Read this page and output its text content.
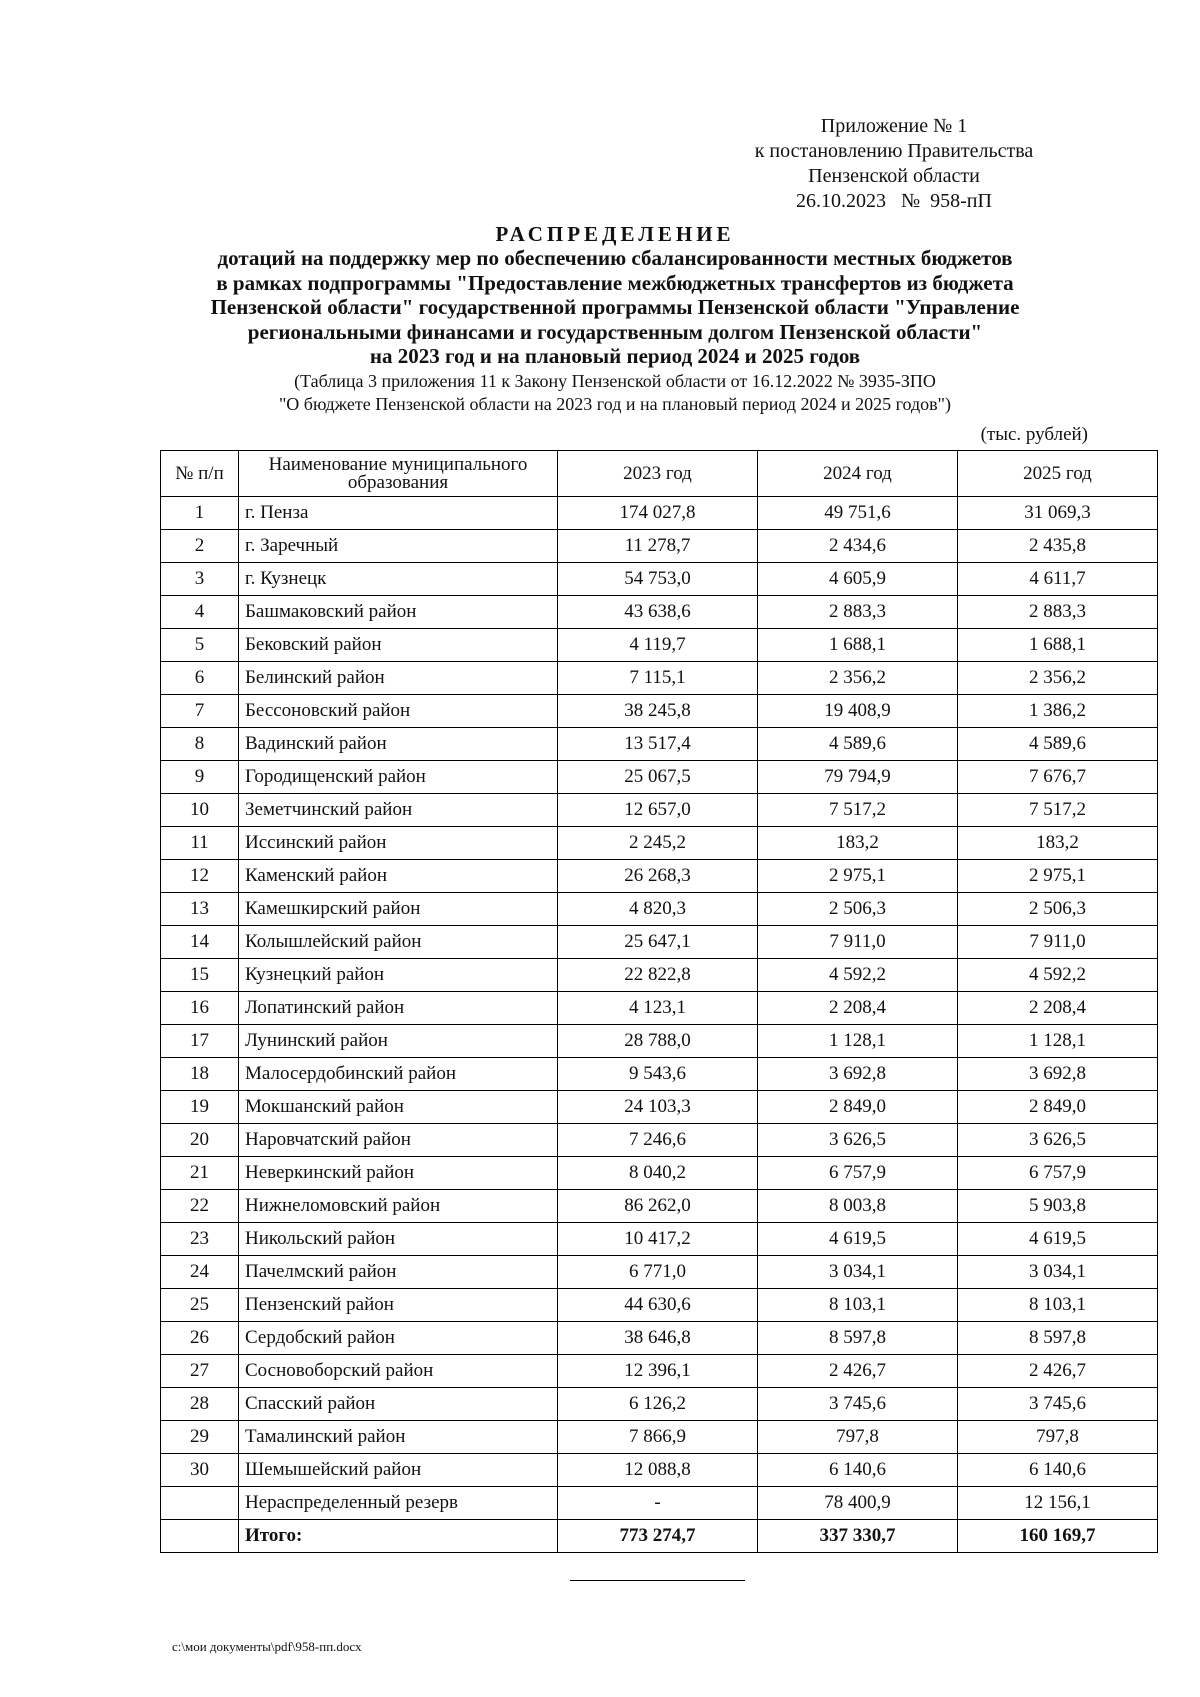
Приложение № 1
к постановлению Правительства
Пензенской области
26.10.2023   №  958-пП
РАСПРЕДЕЛЕНИЕ
дотаций на поддержку мер по обеспечению сбалансированности местных бюджетов
в рамках подпрограммы "Предоставление межбюджетных трансфертов из бюджета
Пензенской области" государственной программы Пензенской области "Управление
региональными финансами и государственным долгом Пензенской области"
на 2023 год и на плановый период 2024 и 2025 годов
(Таблица 3 приложения 11 к Закону Пензенской области от 16.12.2022 № 3935-ЗПО
"О бюджете Пензенской области на 2023 год и на плановый период 2024 и 2025 годов")
(тыс. рублей)
№ п/п	Наименование муниципального образования	2023 год	2024 год	2025 год
1	г. Пенза	174 027,8	49 751,6	31 069,3
2	г. Заречный	11 278,7	2 434,6	2 435,8
3	г. Кузнецк	54 753,0	4 605,9	4 611,7
4	Башмаковский район	43 638,6	2 883,3	2 883,3
5	Бековский район	4 119,7	1 688,1	1 688,1
6	Белинский район	7 115,1	2 356,2	2 356,2
7	Бессоновский район	38 245,8	19 408,9	1 386,2
8	Вадинский район	13 517,4	4 589,6	4 589,6
9	Городищенский район	25 067,5	79 794,9	7 676,7
10	Земетчинский район	12 657,0	7 517,2	7 517,2
11	Иссинский район	2 245,2	183,2	183,2
12	Каменский район	26 268,3	2 975,1	2 975,1
13	Камешкирский район	4 820,3	2 506,3	2 506,3
14	Колышлейский район	25 647,1	7 911,0	7 911,0
15	Кузнецкий район	22 822,8	4 592,2	4 592,2
16	Лопатинский район	4 123,1	2 208,4	2 208,4
17	Лунинский район	28 788,0	1 128,1	1 128,1
18	Малосердобинский район	9 543,6	3 692,8	3 692,8
19	Мокшанский район	24 103,3	2 849,0	2 849,0
20	Наровчатский район	7 246,6	3 626,5	3 626,5
21	Неверкинский район	8 040,2	6 757,9	6 757,9
22	Нижнеломовский район	86 262,0	8 003,8	5 903,8
23	Никольский район	10 417,2	4 619,5	4 619,5
24	Пачелмский район	6 771,0	3 034,1	3 034,1
25	Пензенский район	44 630,6	8 103,1	8 103,1
26	Сердобский район	38 646,8	8 597,8	8 597,8
27	Сосновоборский район	12 396,1	2 426,7	2 426,7
28	Спасский район	6 126,2	3 745,6	3 745,6
29	Тамалинский район	7 866,9	797,8	797,8
30	Шемышейский район	12 088,8	6 140,6	6 140,6
	Нераспределенный резерв	-	78 400,9	12 156,1
	Итого:	773 274,7	337 330,7	160 169,7
c:\мои документы\pdf\958-пп.docx
